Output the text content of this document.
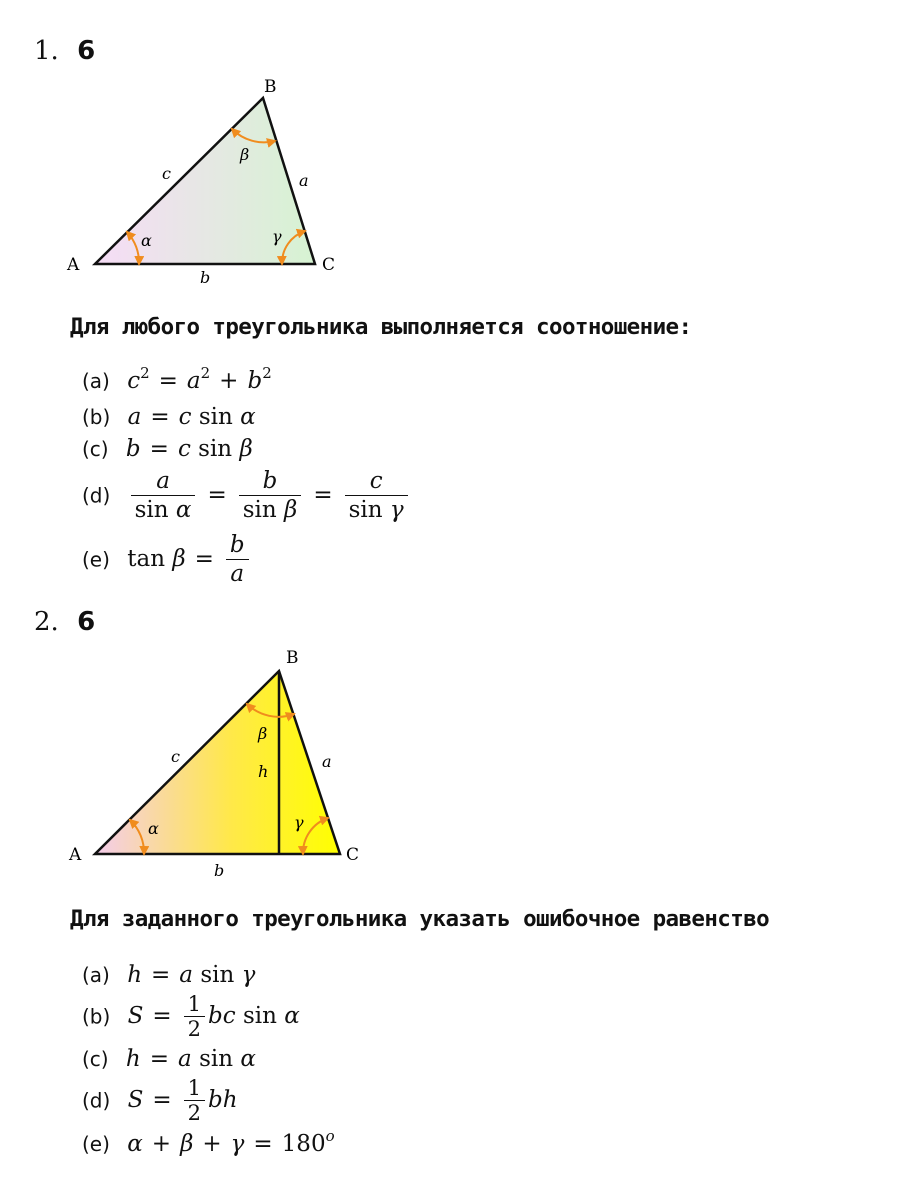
1. 6
A
B
C
c	a
b
α
β
γ
Для любого треугольника выполняется соотношение:
(a) $c^2 = a^2 + b^2$
(b) a = c sin α
(c) b = c sin β
$(d) \frac{a}{\text{sin α}} = \frac{b}{\text{sin β}} = \frac{c}{\text{sin γ}}$
(e) $\tan \beta = \frac{b}{a}$
2. 6
A
B
C
c	a
b
h
α
β
γ
Для заданного треугольника указать ошибочное равенство
(a) h = a sin γ
(b) $S = \frac{1}{2}$ bc sin α
(c) h = a sin α
(d) $S = \frac{1}{2}$ bh
(e) $\alpha + \beta + \gamma = 180^o$
